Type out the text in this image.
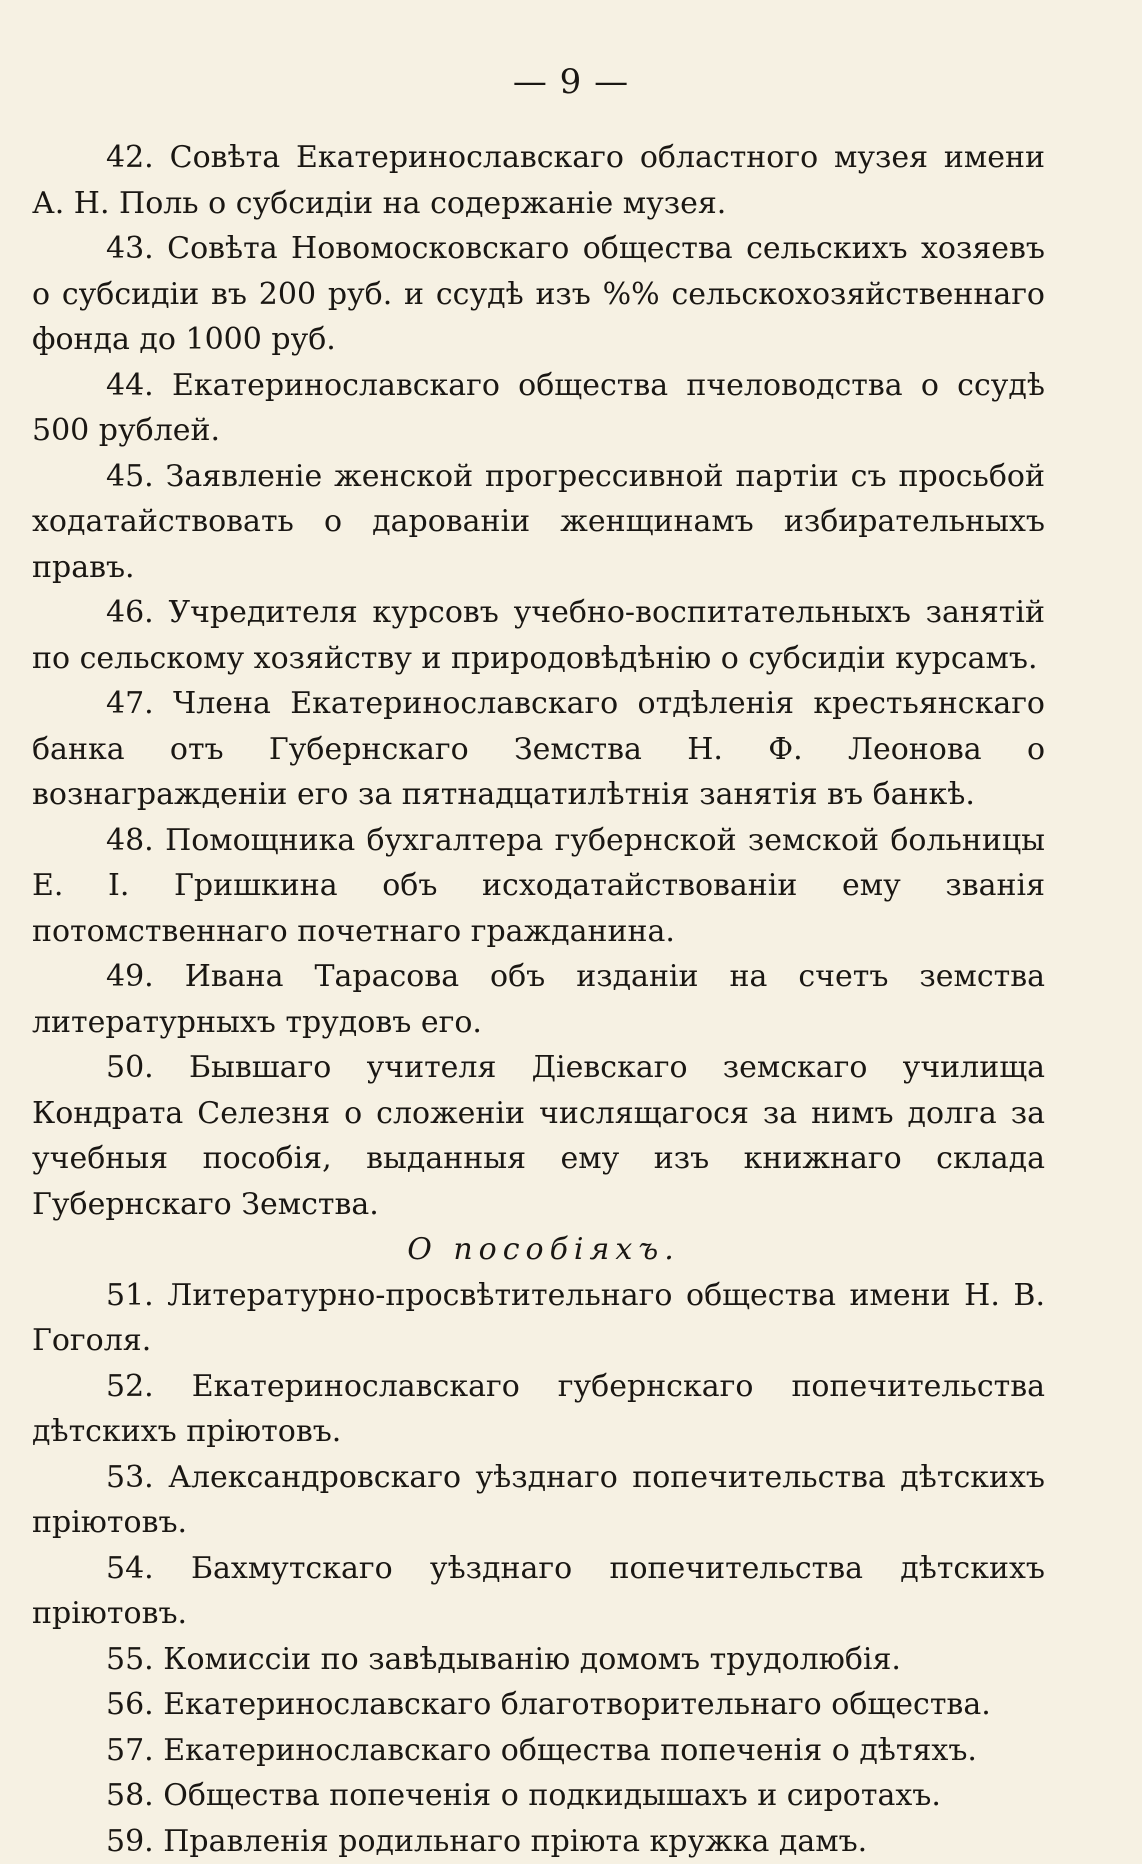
— 9 —

42. Совѣта Екатеринославскаго областного музея имени А. Н. Поль о субсидіи на содержаніе музея.

43. Совѣта Новомосковскаго общества сельскихъ хозяевъ о субсидіи въ 200 руб. и ссудѣ изъ %% сельскохозяйственнаго фонда до 1000 руб.

44. Екатеринославскаго общества пчеловодства о ссудѣ 500 рублей.

45. Заявленіе женской прогрессивной партіи съ просьбой ходатайствовать о дарованіи женщинамъ избирательныхъ правъ.

46. Учредителя курсовъ учебно-воспитательныхъ занятій по сельскому хозяйству и природовѣдѣнію о субсидіи курсамъ.

47. Члена Екатеринославскаго отдѣленія крестьянскаго банка отъ Губернскаго Земства Н. Ф. Леонова о вознагражденіи его за пятнадцатилѣтнія занятія въ банкѣ.

48. Помощника бухгалтера губернской земской больницы Е. І. Гришкина объ исходатайствованіи ему званія потомственнаго почетнаго гражданина.

49. Ивана Тарасова объ изданіи на счетъ земства литературныхъ трудовъ его.

50. Бывшаго учителя Діевскаго земскаго училища Кондрата Селезня о сложеніи числящагося за нимъ долга за учебныя пособія, выданныя ему изъ книжнаго склада Губернскаго Земства.

О пособіяхъ.

51. Литературно-просвѣтительнаго общества имени Н. В. Гоголя.

52. Екатеринославскаго губернскаго попечительства дѣтскихъ пріютовъ.

53. Александровскаго уѣзднаго попечительства дѣтскихъ пріютовъ.

54. Бахмутскаго уѣзднаго попечительства дѣтскихъ пріютовъ.

55. Комиссіи по завѣдыванію домомъ трудолюбія.

56. Екатеринославскаго благотворительнаго общества.

57. Екатеринославскаго общества попеченія о дѣтяхъ.

58. Общества попеченія о подкидышахъ и сиротахъ.

59. Правленія родильнаго пріюта кружка дамъ.
